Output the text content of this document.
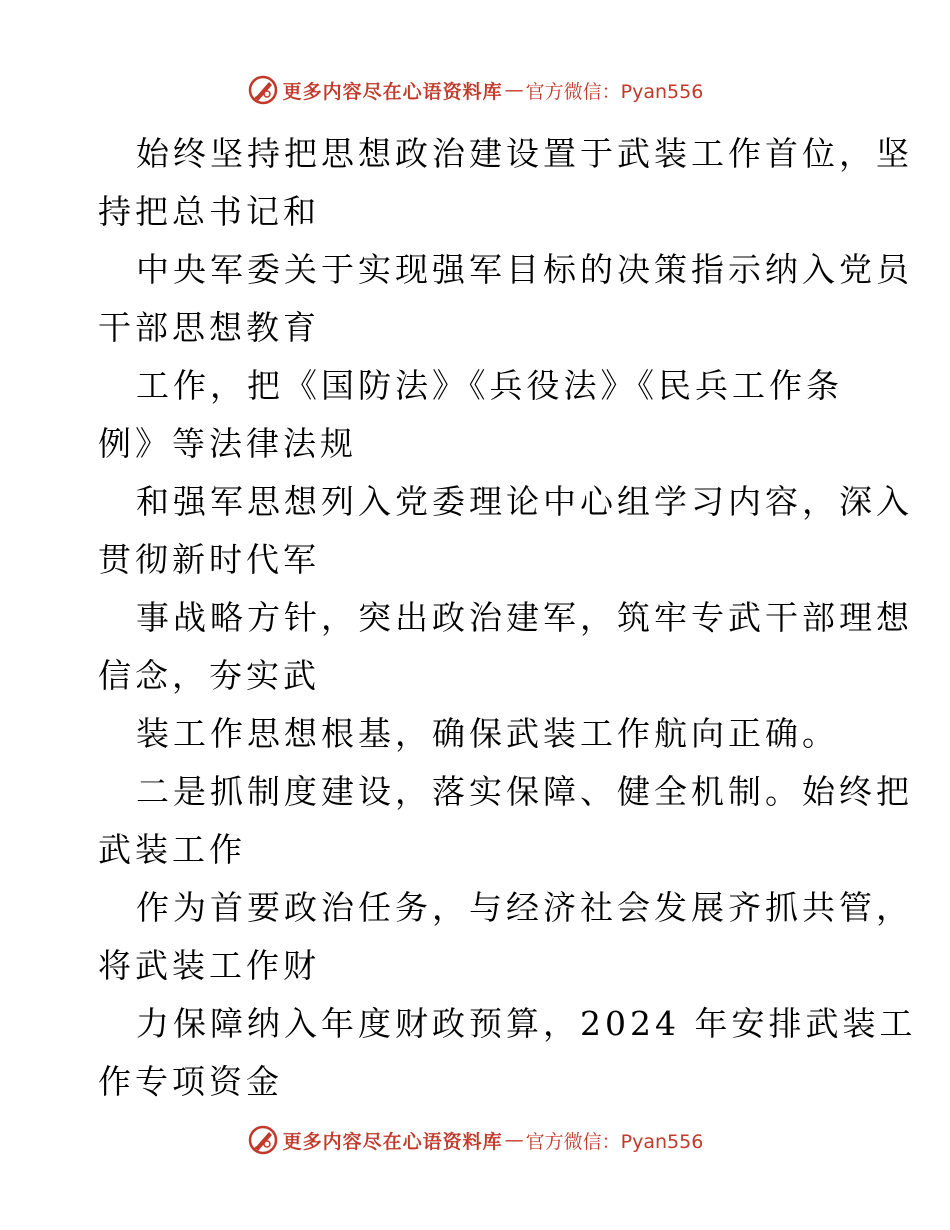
更多内容尽在心语资料库 — 官方微信：Pyan556
始终坚持把思想政治建设置于武装工作首位，坚
持把总书记和
中央军委关于实现强军目标的决策指示纳入党员
干部思想教育
工作，把《国防法》《兵役法》《民兵工作条
例》等法律法规
和强军思想列入党委理论中心组学习内容，深入
贯彻新时代军
事战略方针，突出政治建军，筑牢专武干部理想
信念，夯实武
装工作思想根基，确保武装工作航向正确。
二是抓制度建设，落实保障、健全机制。始终把
武装工作
作为首要政治任务，与经济社会发展齐抓共管，
将武装工作财
力保障纳入年度财政预算，2024 年安排武装工
作专项资金
更多内容尽在心语资料库 — 官方微信：Pyan556
